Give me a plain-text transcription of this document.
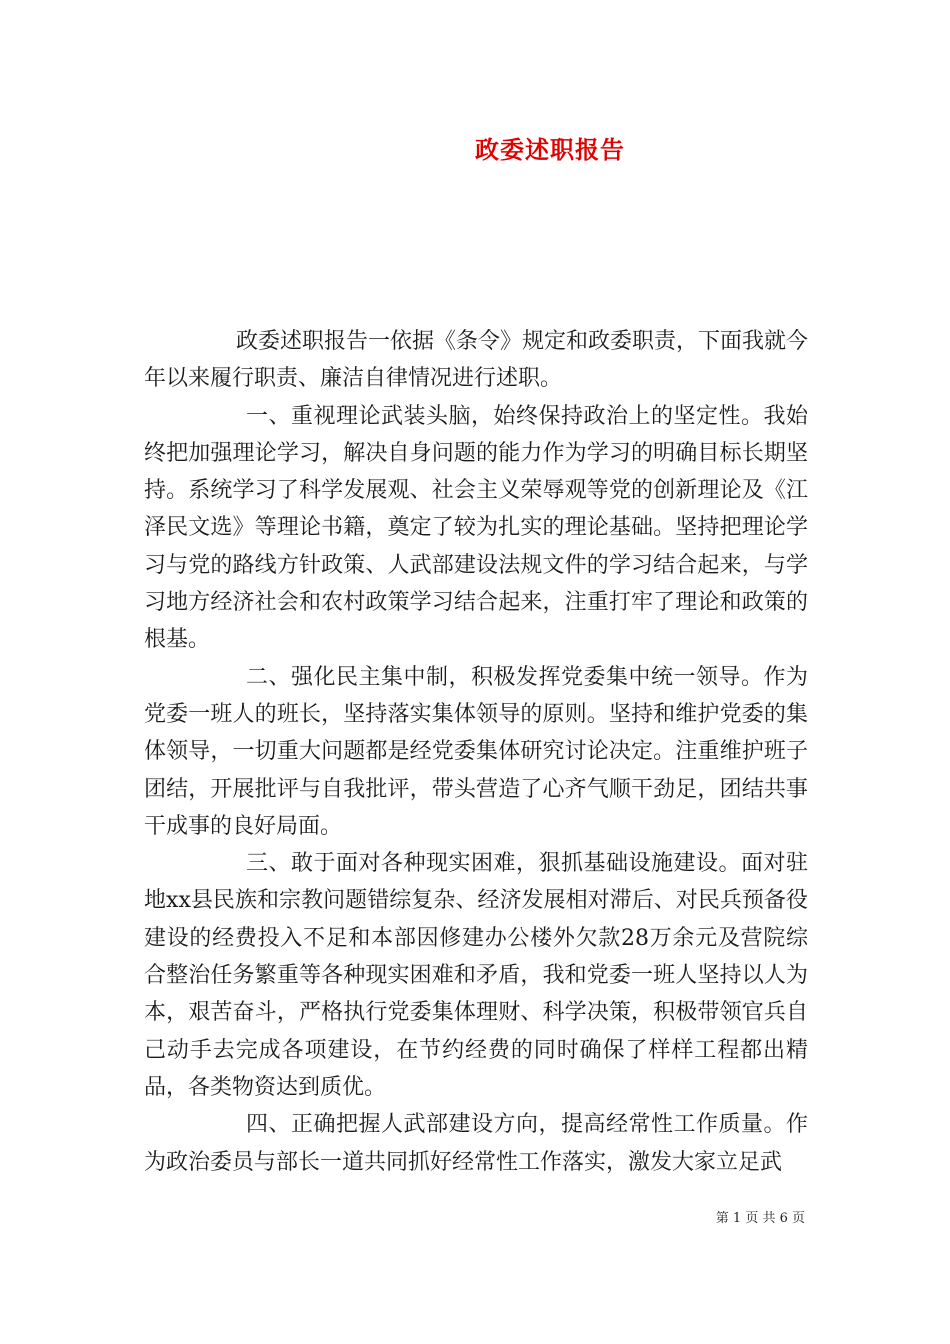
政委述职报告

政委述职报告一依据《条令》规定和政委职责，下面我就今年以来履行职责、廉洁自律情况进行述职。

一、重视理论武装头脑，始终保持政治上的坚定性。我始终把加强理论学习，解决自身问题的能力作为学习的明确目标长期坚持。系统学习了科学发展观、社会主义荣辱观等党的创新理论及《江泽民文选》等理论书籍，奠定了较为扎实的理论基础。坚持把理论学习与党的路线方针政策、人武部建设法规文件的学习结合起来，与学习地方经济社会和农村政策学习结合起来，注重打牢了理论和政策的根基。

二、强化民主集中制，积极发挥党委集中统一领导。作为党委一班人的班长，坚持落实集体领导的原则。坚持和维护党委的集体领导，一切重大问题都是经党委集体研究讨论决定。注重维护班子团结，开展批评与自我批评，带头营造了心齐气顺干劲足，团结共事干成事的良好局面。

三、敢于面对各种现实困难，狠抓基础设施建设。面对驻地xx县民族和宗教问题错综复杂、经济发展相对滞后、对民兵预备役建设的经费投入不足和本部因修建办公楼外欠款28万余元及营院综合整治任务繁重等各种现实困难和矛盾，我和党委一班人坚持以人为本，艰苦奋斗，严格执行党委集体理财、科学决策，积极带领官兵自己动手去完成各项建设，在节约经费的同时确保了样样工程都出精品，各类物资达到质优。

四、正确把握人武部建设方向，提高经常性工作质量。作为政治委员与部长一道共同抓好经常性工作落实，激发大家立足武

第 1 页 共 6 页
